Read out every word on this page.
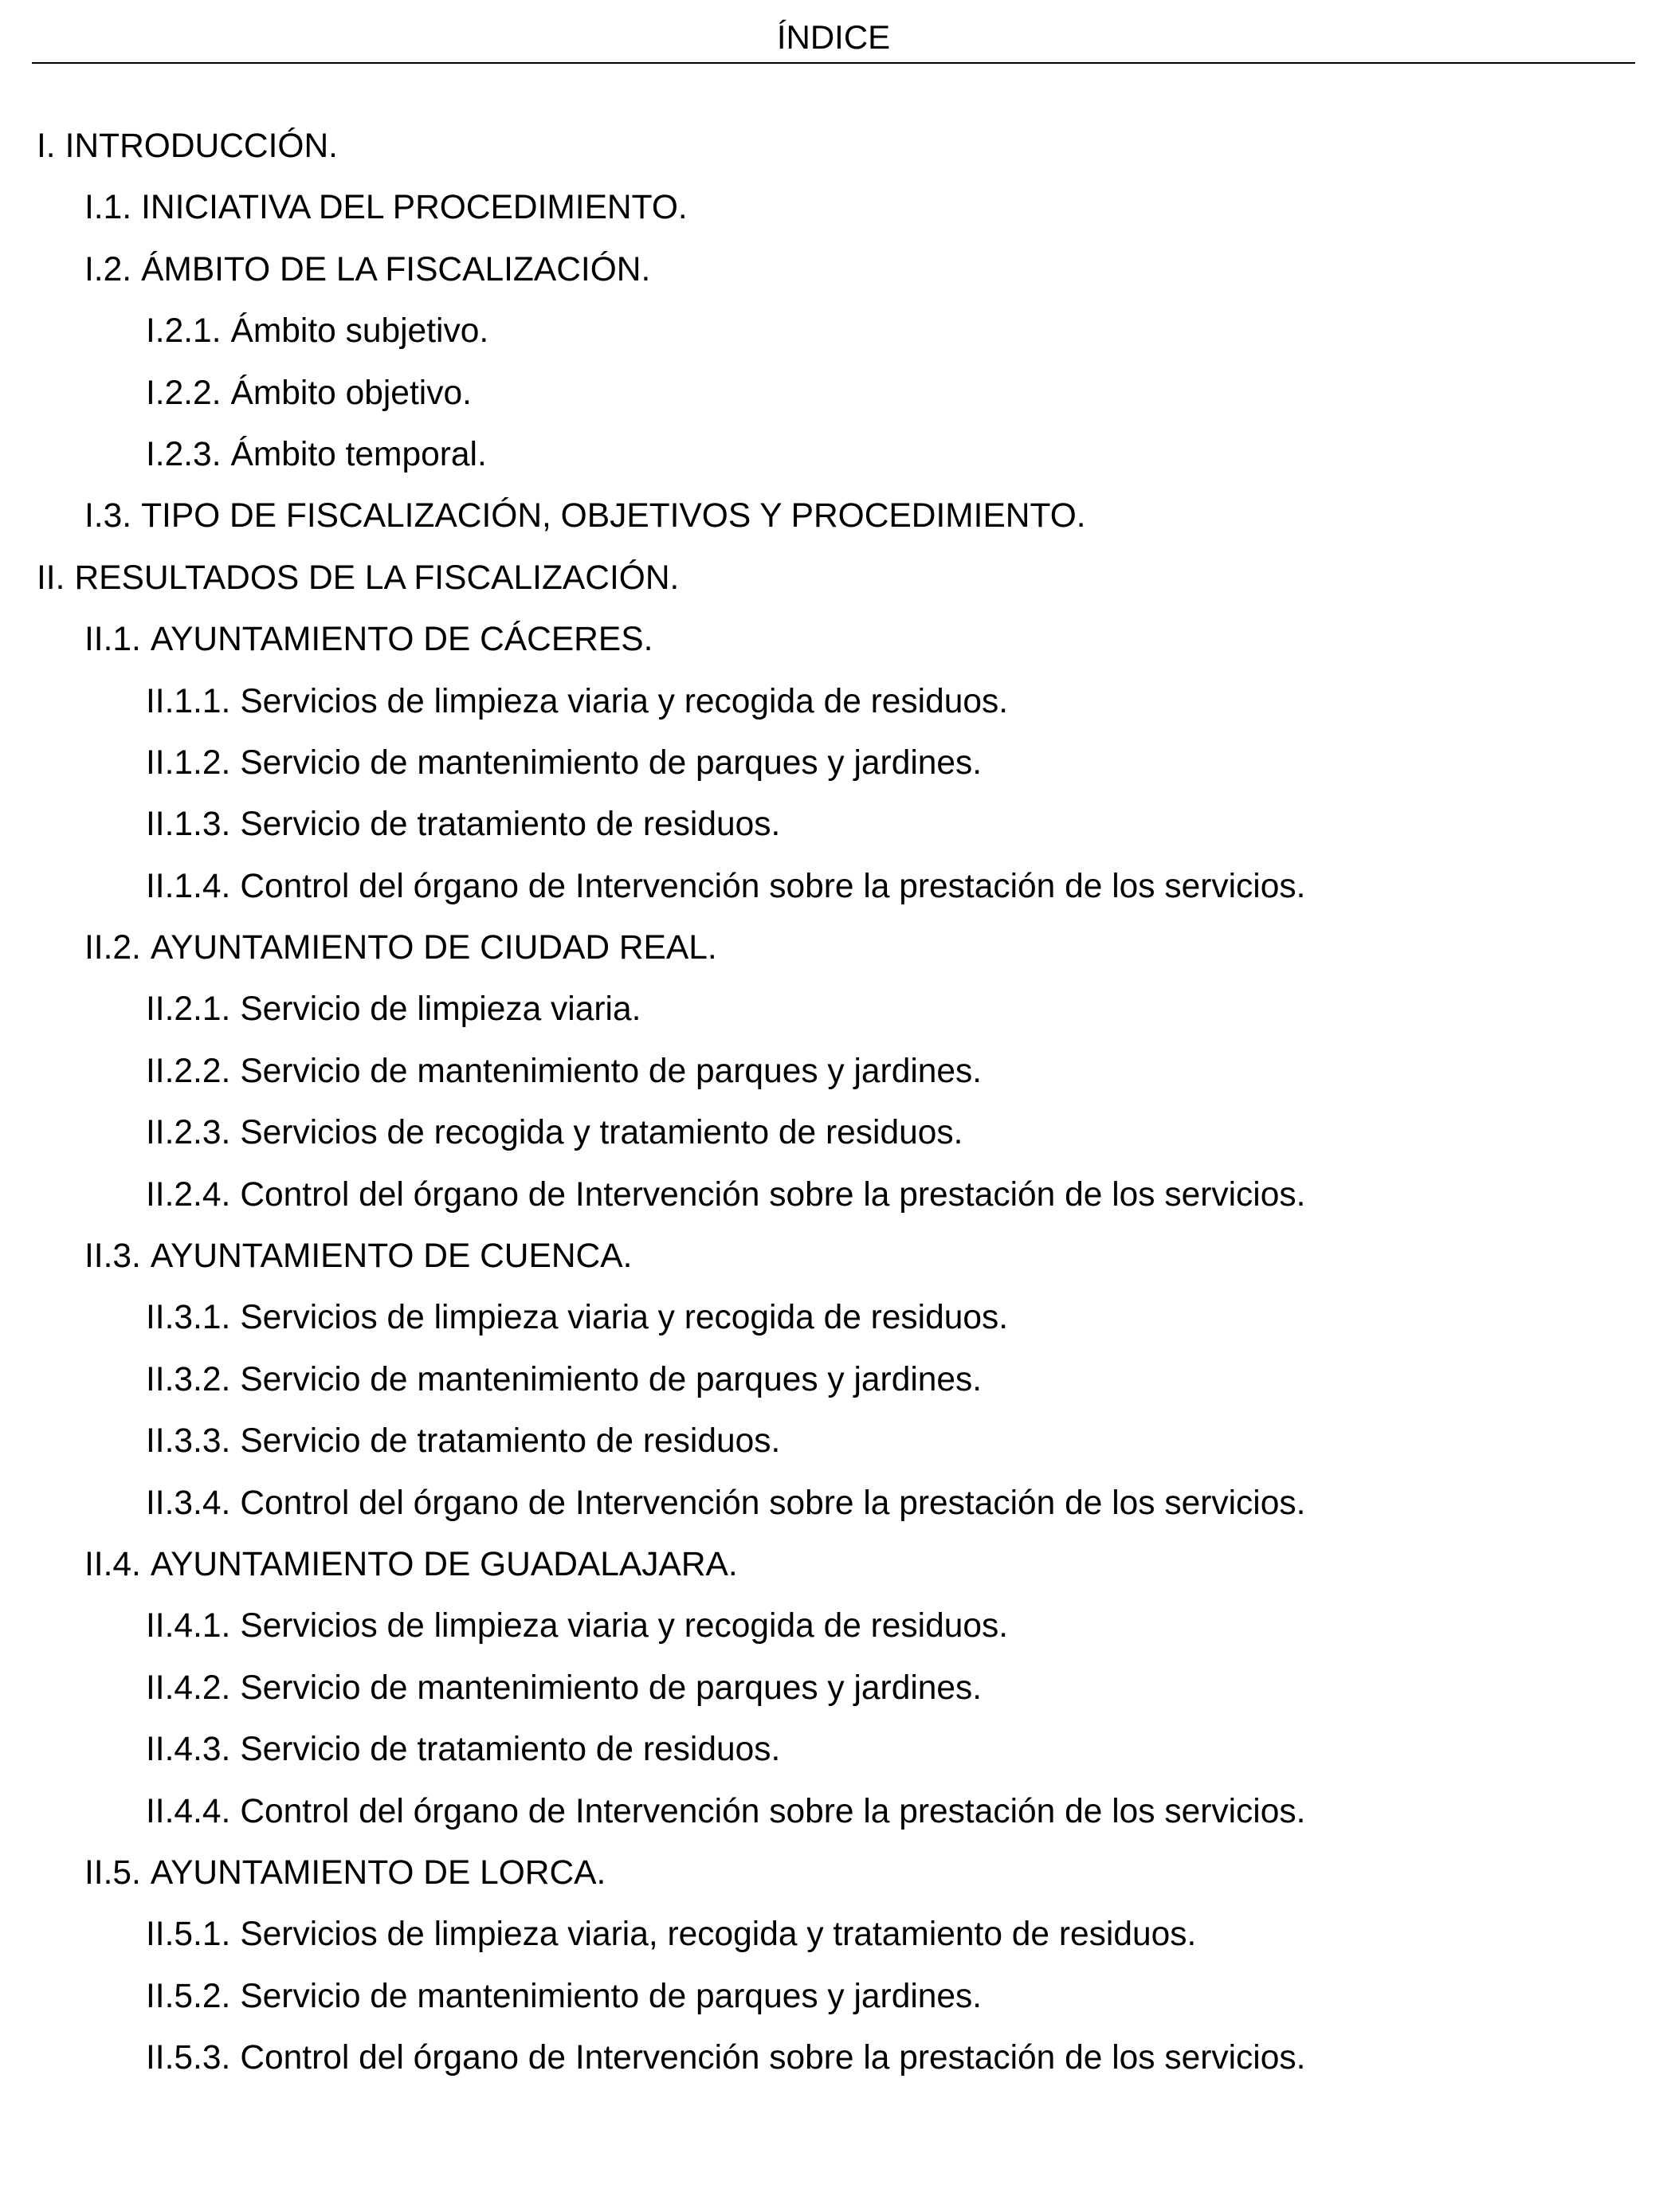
ÍNDICE
I. INTRODUCCIÓN.
I.1. INICIATIVA DEL PROCEDIMIENTO.
I.2. ÁMBITO DE LA FISCALIZACIÓN.
I.2.1. Ámbito subjetivo.
I.2.2. Ámbito objetivo.
I.2.3. Ámbito temporal.
I.3. TIPO DE FISCALIZACIÓN, OBJETIVOS Y PROCEDIMIENTO.
II. RESULTADOS DE LA FISCALIZACIÓN.
II.1. AYUNTAMIENTO DE CÁCERES.
II.1.1. Servicios de limpieza viaria y recogida de residuos.
II.1.2. Servicio de mantenimiento de parques y jardines.
II.1.3. Servicio de tratamiento de residuos.
II.1.4. Control del órgano de Intervención sobre la prestación de los servicios.
II.2. AYUNTAMIENTO DE CIUDAD REAL.
II.2.1. Servicio de limpieza viaria.
II.2.2. Servicio de mantenimiento de parques y jardines.
II.2.3. Servicios de recogida y tratamiento de residuos.
II.2.4. Control del órgano de Intervención sobre la prestación de los servicios.
II.3. AYUNTAMIENTO DE CUENCA.
II.3.1. Servicios de limpieza viaria y recogida de residuos.
II.3.2. Servicio de mantenimiento de parques y jardines.
II.3.3. Servicio de tratamiento de residuos.
II.3.4. Control del órgano de Intervención sobre la prestación de los servicios.
II.4. AYUNTAMIENTO DE GUADALAJARA.
II.4.1. Servicios de limpieza viaria y recogida de residuos.
II.4.2. Servicio de mantenimiento de parques y jardines.
II.4.3. Servicio de tratamiento de residuos.
II.4.4. Control del órgano de Intervención sobre la prestación de los servicios.
II.5. AYUNTAMIENTO DE LORCA.
II.5.1. Servicios de limpieza viaria, recogida y tratamiento de residuos.
II.5.2. Servicio de mantenimiento de parques y jardines.
II.5.3. Control del órgano de Intervención sobre la prestación de los servicios.
